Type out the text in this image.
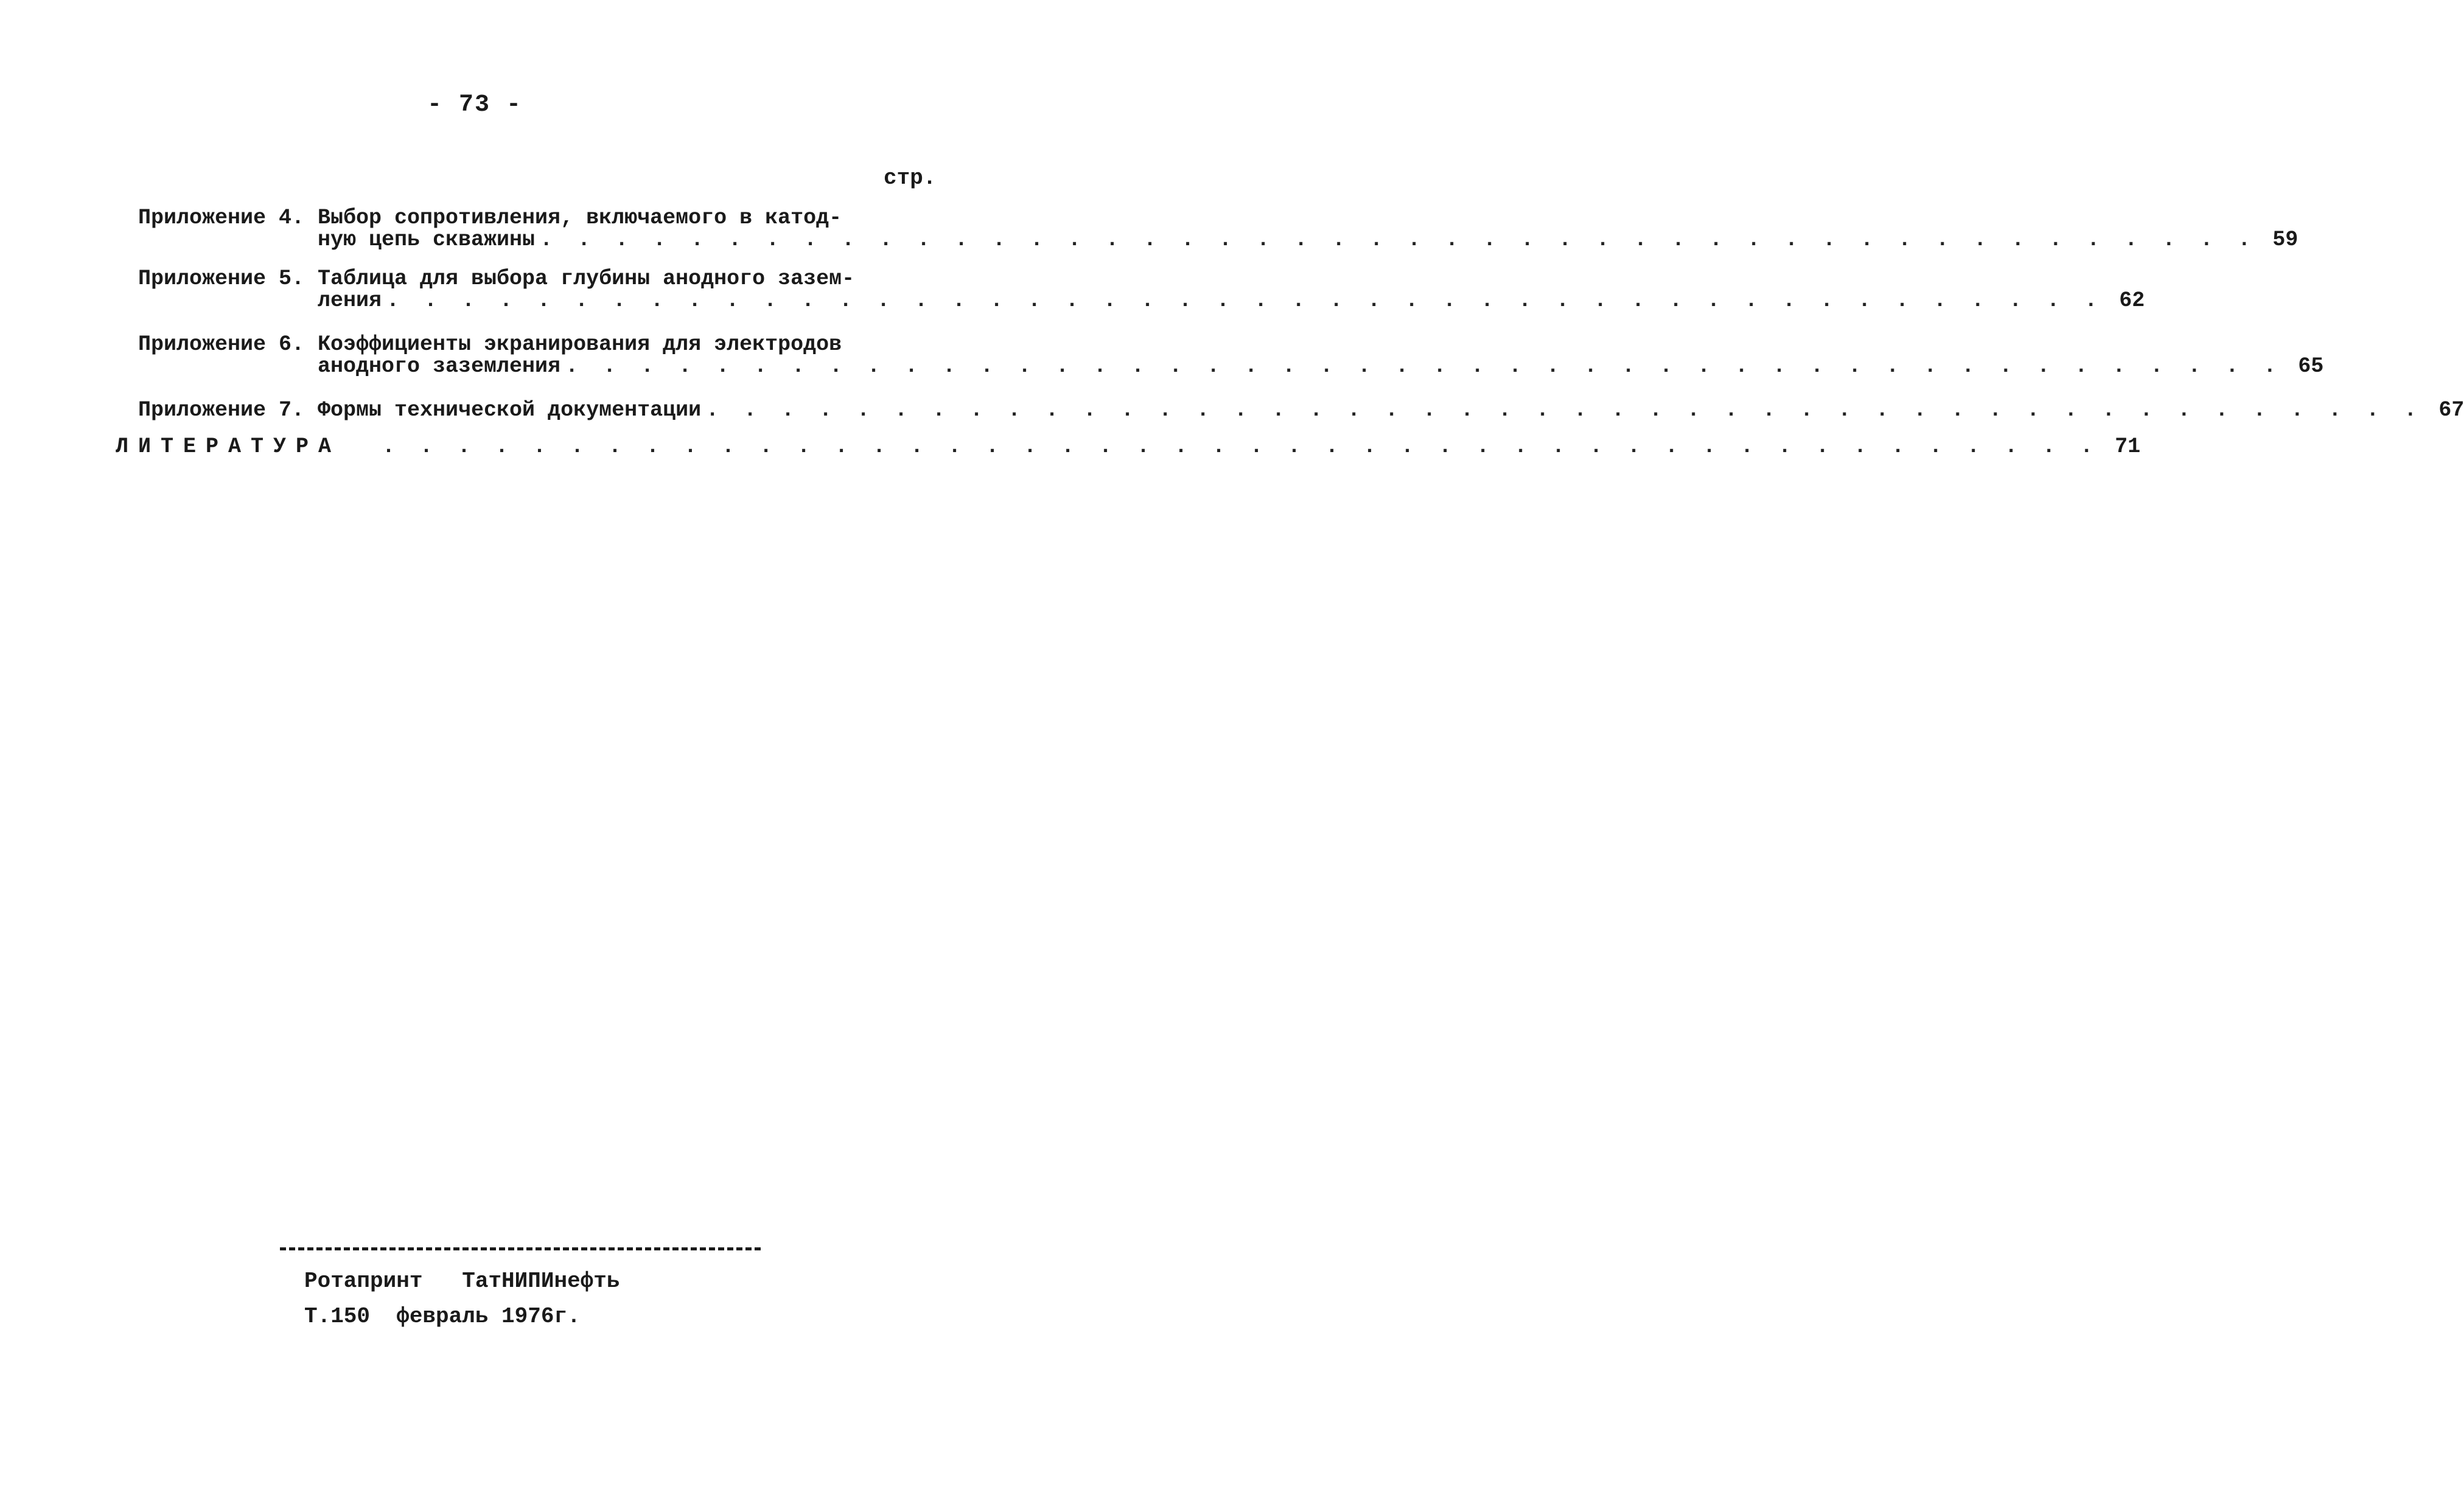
- 73 -
стр.
Приложение 4. Выбор сопротивления, включаемого в катод-
ную цепь скважины . . .	59
Приложение 5. Таблица для выбора глубины анодного зазем-
ления . . .	62
Приложение 6. Коэффициенты экранирования для электродов
анодного заземления . . .	65
Приложение 7. Формы технической документации . . .	67
ЛИТЕРАТУРА . . .	71
Ротапринт   ТатНИПИнефть
Т.150  февраль 1976г.
